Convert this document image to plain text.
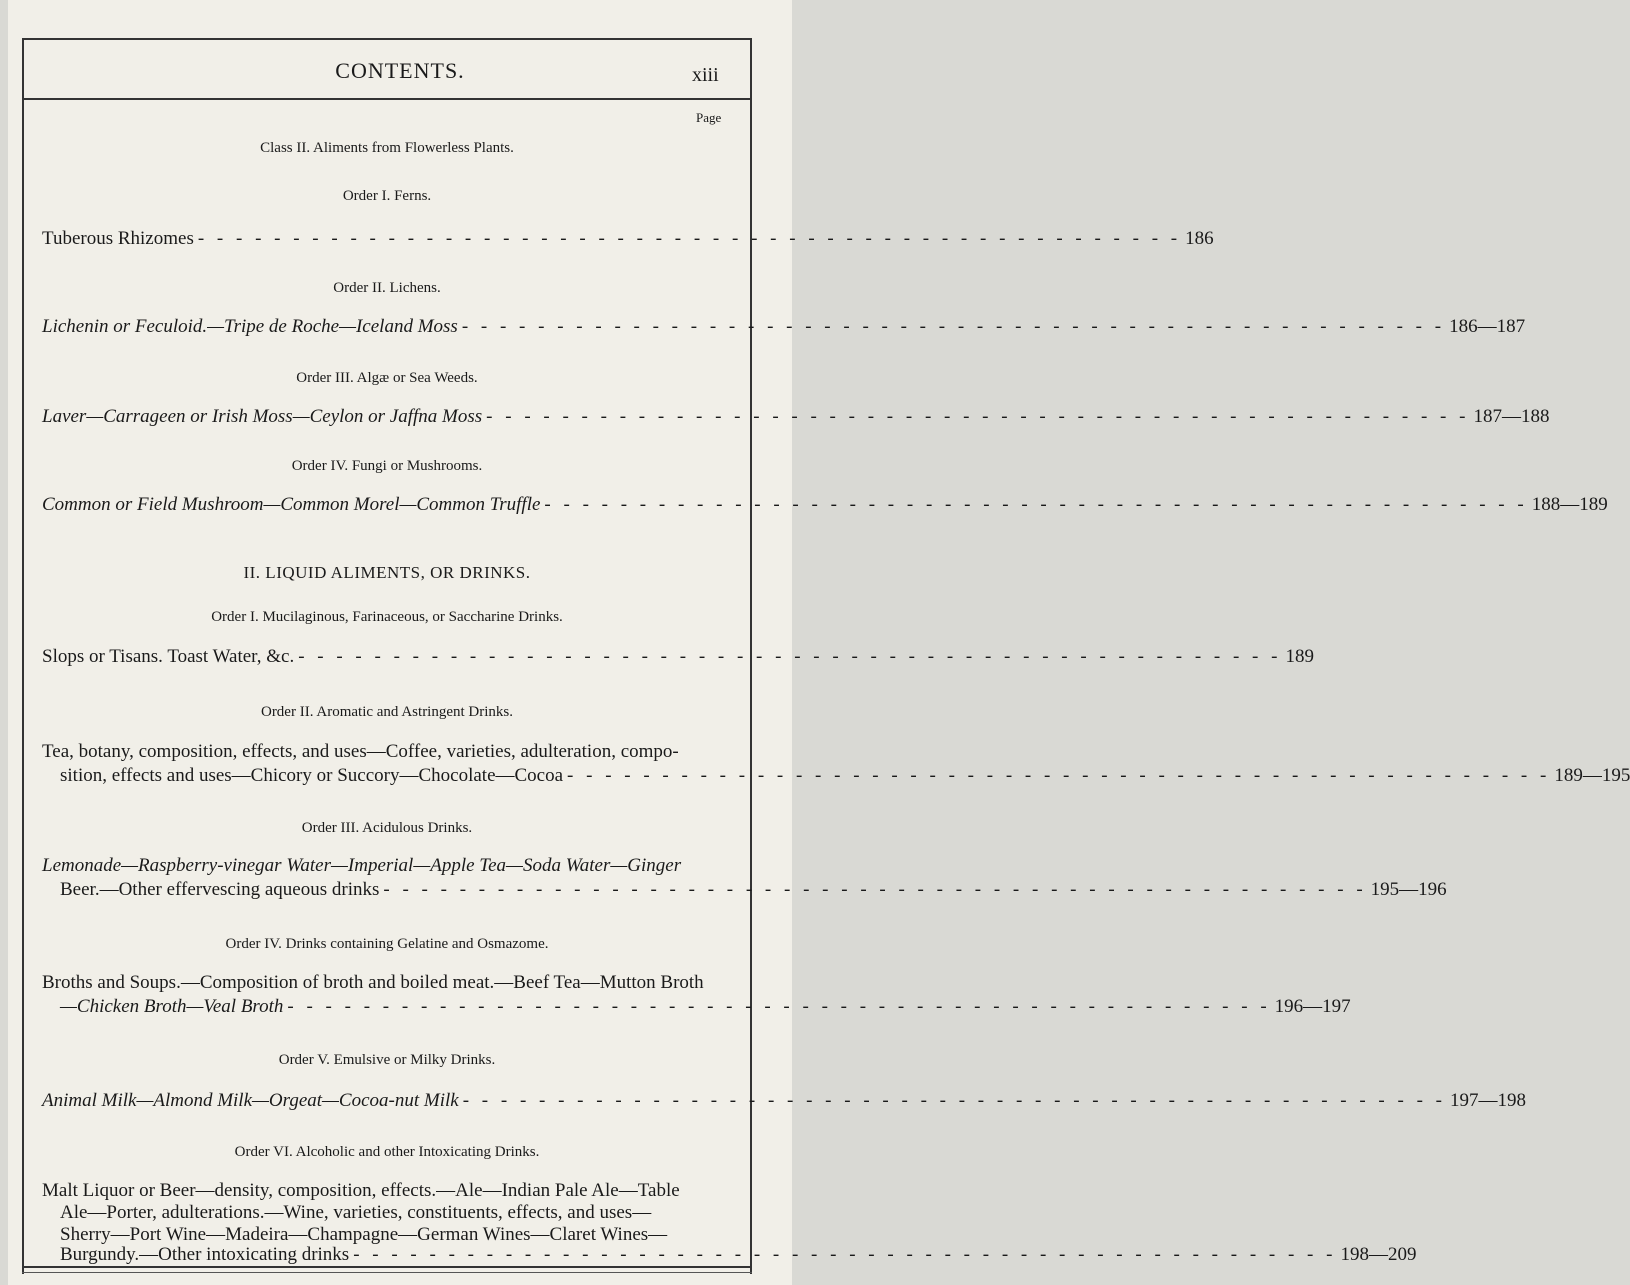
CONTENTS.	xiii
Page
Class II. Aliments from Flowerless Plants.
Order I. Ferns.
Tuberous Rhizomes - - - - - - - - - - - - - - - - - - - - - - - - - - - - - - - - - - - - - - - - - - - - - - - - - - - - 186
Order II. Lichens.
Lichenin or Feculoid.—Tripe de Roche—Iceland Moss - - - - - - - - - - - - - - - - - - - - - - - - - - - - - - - - - - - - - - - - - - - - - - - - - - - - 186—187
Order III. Algæ or Sea Weeds.
Laver—Carrageen or Irish Moss—Ceylon or Jaffna Moss - - - - - - - - - - - - - - - - - - - - - - - - - - - - - - - - - - - - - - - - - - - - - - - - - - - - 187—188
Order IV. Fungi or Mushrooms.
Common or Field Mushroom—Common Morel—Common Truffle - - - - - - - - - - - - - - - - - - - - - - - - - - - - - - - - - - - - - - - - - - - - - - - - - - - - 188—189
II. LIQUID ALIMENTS, OR DRINKS.
Order I. Mucilaginous, Farinaceous, or Saccharine Drinks.
Slops or Tisans. Toast Water, &c. - - - - - - - - - - - - - - - - - - - - - - - - - - - - - - - - - - - - - - - - - - - - - - - - - - - - 189
Order II. Aromatic and Astringent Drinks.
Tea, botany, composition, effects, and uses—Coffee, varieties, adulteration, compo-
sition, effects and uses—Chicory or Succory—Chocolate—Cocoa - - - - - - - - - - - - - - - - - - - - - - - - - - - - - - - - - - - - - - - - - - - - - - - - - - - - 189—195
Order III. Acidulous Drinks.
Lemonade—Raspberry-vinegar Water—Imperial—Apple Tea—Soda Water—Ginger
Beer.—Other effervescing aqueous drinks - - - - - - - - - - - - - - - - - - - - - - - - - - - - - - - - - - - - - - - - - - - - - - - - - - - - 195—196
Order IV. Drinks containing Gelatine and Osmazome.
Broths and Soups.—Composition of broth and boiled meat.—Beef Tea—Mutton Broth
—Chicken Broth—Veal Broth - - - - - - - - - - - - - - - - - - - - - - - - - - - - - - - - - - - - - - - - - - - - - - - - - - - - 196—197
Order V. Emulsive or Milky Drinks.
Animal Milk—Almond Milk—Orgeat—Cocoa-nut Milk - - - - - - - - - - - - - - - - - - - - - - - - - - - - - - - - - - - - - - - - - - - - - - - - - - - - 197—198
Order VI. Alcoholic and other Intoxicating Drinks.
Malt Liquor or Beer—density, composition, effects.—Ale—Indian Pale Ale—Table
Ale—Porter, adulterations.—Wine, varieties, constituents, effects, and uses—
Sherry—Port Wine—Madeira—Champagne—German Wines—Claret Wines—
Burgundy.—Other intoxicating drinks - - - - - - - - - - - - - - - - - - - - - - - - - - - - - - - - - - - - - - - - - - - - - - - - - - - - 198—209
